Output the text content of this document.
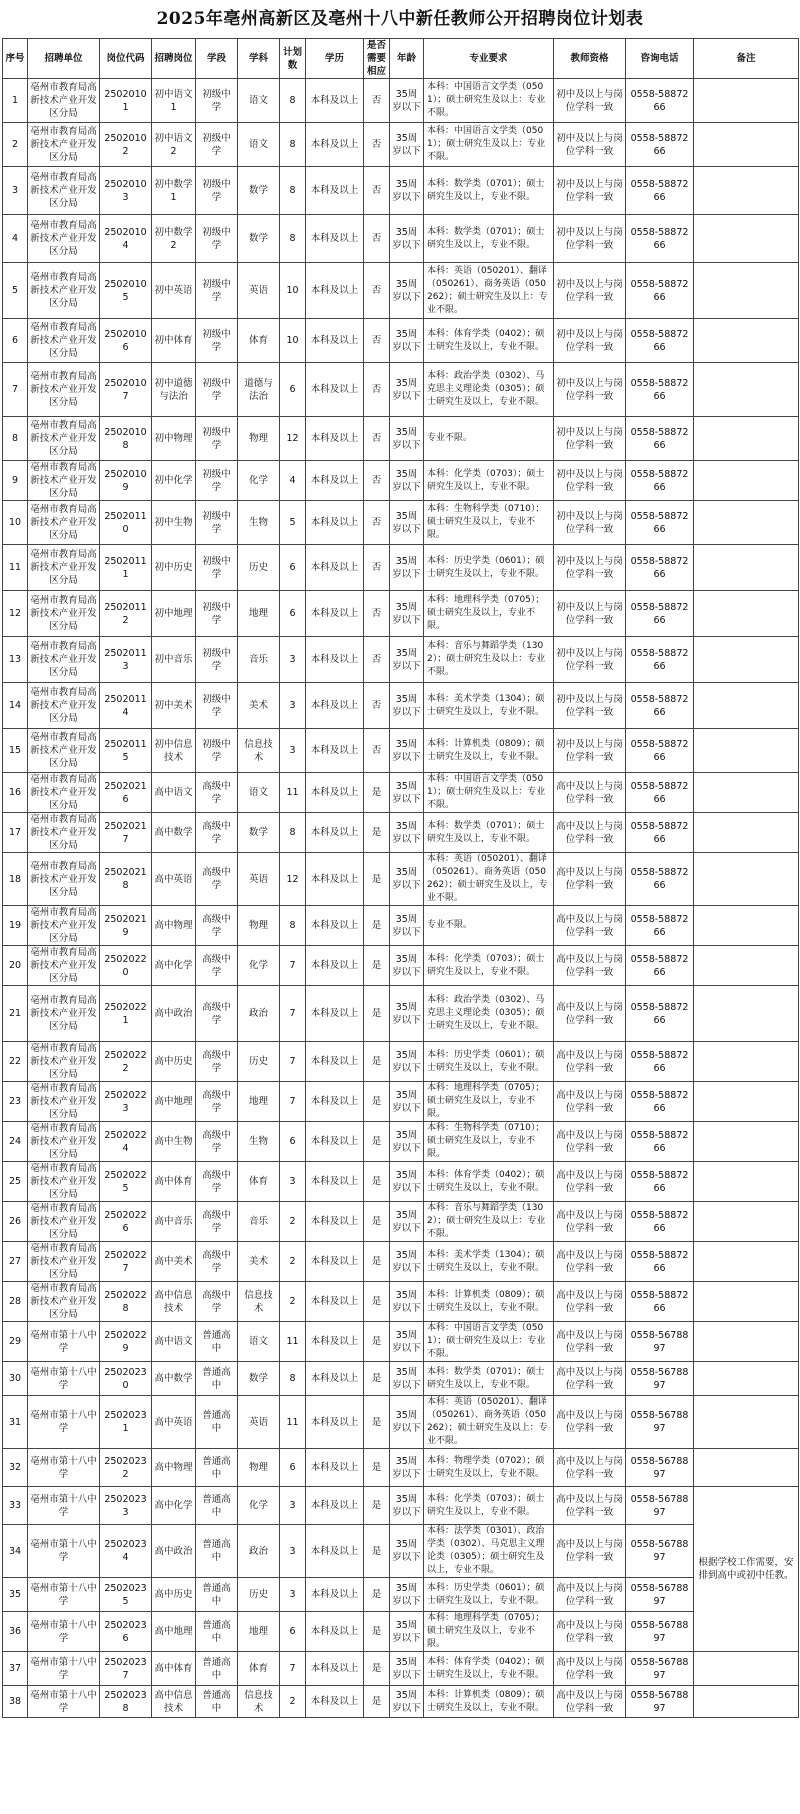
2025年亳州高新区及亳州十八中新任教师公开招聘岗位计划表
序号	招聘单位	岗位代码	招聘岗位	学段	学科	计划数	学历	是否需要相应	年龄	专业要求	教师资格	咨询电话	备注
1	亳州市教育局高新技术产业开发区分局	25020101	初中语文1	初级中学	语文	8	本科及以上	否	35周岁以下	本科：中国语言文学类（0501）；硕士研究生及以上：专业不限。	初中及以上与岗位学科一致	0558-5887266	
2	亳州市教育局高新技术产业开发区分局	25020102	初中语文2	初级中学	语文	8	本科及以上	否	35周岁以下	本科：中国语言文学类（0501）；硕士研究生及以上：专业不限。	初中及以上与岗位学科一致	0558-5887266	
3	亳州市教育局高新技术产业开发区分局	25020103	初中数学1	初级中学	数学	8	本科及以上	否	35周岁以下	本科：数学类（0701）；硕士研究生及以上，专业不限。	初中及以上与岗位学科一致	0558-5887266	
4	亳州市教育局高新技术产业开发区分局	25020104	初中数学2	初级中学	数学	8	本科及以上	否	35周岁以下	本科：数学类（0701）；硕士研究生及以上，专业不限。	初中及以上与岗位学科一致	0558-5887266	
5	亳州市教育局高新技术产业开发区分局	25020105	初中英语	初级中学	英语	10	本科及以上	否	35周岁以下	本科：英语（050201）、翻译（050261）、商务英语（050262）；硕士研究生及以上：专业不限。	初中及以上与岗位学科一致	0558-5887266	
6	亳州市教育局高新技术产业开发区分局	25020106	初中体育	初级中学	体育	10	本科及以上	否	35周岁以下	本科：体育学类（0402）；硕士研究生及以上，专业不限。	初中及以上与岗位学科一致	0558-5887266	
7	亳州市教育局高新技术产业开发区分局	25020107	初中道德与法治	初级中学	道德与法治	6	本科及以上	否	35周岁以下	本科：政治学类（0302）、马克思主义理论类（0305）；硕士研究生及以上，专业不限。	初中及以上与岗位学科一致	0558-5887266	
8	亳州市教育局高新技术产业开发区分局	25020108	初中物理	初级中学	物理	12	本科及以上	否	35周岁以下	专业不限。	初中及以上与岗位学科一致	0558-5887266	
9	亳州市教育局高新技术产业开发区分局	25020109	初中化学	初级中学	化学	4	本科及以上	否	35周岁以下	本科：化学类（0703）；硕士研究生及以上，专业不限。	初中及以上与岗位学科一致	0558-5887266	
10	亳州市教育局高新技术产业开发区分局	25020110	初中生物	初级中学	生物	5	本科及以上	否	35周岁以下	本科：生物科学类（0710）；硕士研究生及以上，专业不限。	初中及以上与岗位学科一致	0558-5887266	
11	亳州市教育局高新技术产业开发区分局	25020111	初中历史	初级中学	历史	6	本科及以上	否	35周岁以下	本科：历史学类（0601）；硕士研究生及以上，专业不限。	初中及以上与岗位学科一致	0558-5887266	
12	亳州市教育局高新技术产业开发区分局	25020112	初中地理	初级中学	地理	6	本科及以上	否	35周岁以下	本科：地理科学类（0705）；硕士研究生及以上，专业不限。	初中及以上与岗位学科一致	0558-5887266	
13	亳州市教育局高新技术产业开发区分局	25020113	初中音乐	初级中学	音乐	3	本科及以上	否	35周岁以下	本科：音乐与舞蹈学类（1302）；硕士研究生及以上：专业不限。	初中及以上与岗位学科一致	0558-5887266	
14	亳州市教育局高新技术产业开发区分局	25020114	初中美术	初级中学	美术	3	本科及以上	否	35周岁以下	本科：美术学类（1304）；硕士研究生及以上，专业不限。	初中及以上与岗位学科一致	0558-5887266	
15	亳州市教育局高新技术产业开发区分局	25020115	初中信息技术	初级中学	信息技术	3	本科及以上	否	35周岁以下	本科：计算机类（0809）；硕士研究生及以上，专业不限。	初中及以上与岗位学科一致	0558-5887266	
16	亳州市教育局高新技术产业开发区分局	25020216	高中语文	高级中学	语文	11	本科及以上	是	35周岁以下	本科：中国语言文学类（0501）；硕士研究生及以上：专业不限。	高中及以上与岗位学科一致	0558-5887266	
17	亳州市教育局高新技术产业开发区分局	25020217	高中数学	高级中学	数学	8	本科及以上	是	35周岁以下	本科：数学类（0701）；硕士研究生及以上，专业不限。	高中及以上与岗位学科一致	0558-5887266	
18	亳州市教育局高新技术产业开发区分局	25020218	高中英语	高级中学	英语	12	本科及以上	是	35周岁以下	本科：英语（050201）、翻译（050261）、商务英语（050262）；硕士研究生及以上，专业不限。	高中及以上与岗位学科一致	0558-5887266	
19	亳州市教育局高新技术产业开发区分局	25020219	高中物理	高级中学	物理	8	本科及以上	是	35周岁以下	专业不限。	高中及以上与岗位学科一致	0558-5887266	
20	亳州市教育局高新技术产业开发区分局	25020220	高中化学	高级中学	化学	7	本科及以上	是	35周岁以下	本科：化学类（0703）；硕士研究生及以上，专业不限。	高中及以上与岗位学科一致	0558-5887266	
21	亳州市教育局高新技术产业开发区分局	25020221	高中政治	高级中学	政治	7	本科及以上	是	35周岁以下	本科：政治学类（0302）、马克思主义理论类（0305）；硕士研究生及以上，专业不限。	高中及以上与岗位学科一致	0558-5887266	
22	亳州市教育局高新技术产业开发区分局	25020222	高中历史	高级中学	历史	7	本科及以上	是	35周岁以下	本科：历史学类（0601）；硕士研究生及以上，专业不限。	高中及以上与岗位学科一致	0558-5887266	
23	亳州市教育局高新技术产业开发区分局	25020223	高中地理	高级中学	地理	7	本科及以上	是	35周岁以下	本科：地理科学类（0705）；硕士研究生及以上，专业不限。	高中及以上与岗位学科一致	0558-5887266	
24	亳州市教育局高新技术产业开发区分局	25020224	高中生物	高级中学	生物	6	本科及以上	是	35周岁以下	本科：生物科学类（0710）；硕士研究生及以上，专业不限。	高中及以上与岗位学科一致	0558-5887266	
25	亳州市教育局高新技术产业开发区分局	25020225	高中体育	高级中学	体育	3	本科及以上	是	35周岁以下	本科：体育学类（0402）；硕士研究生及以上，专业不限。	高中及以上与岗位学科一致	0558-5887266	
26	亳州市教育局高新技术产业开发区分局	25020226	高中音乐	高级中学	音乐	2	本科及以上	是	35周岁以下	本科：音乐与舞蹈学类（1302）；硕士研究生及以上：专业不限。	高中及以上与岗位学科一致	0558-5887266	
27	亳州市教育局高新技术产业开发区分局	25020227	高中美术	高级中学	美术	2	本科及以上	是	35周岁以下	本科：美术学类（1304）；硕士研究生及以上，专业不限。	高中及以上与岗位学科一致	0558-5887266	
28	亳州市教育局高新技术产业开发区分局	25020228	高中信息技术	高级中学	信息技术	2	本科及以上	是	35周岁以下	本科：计算机类（0809）；硕士研究生及以上，专业不限。	高中及以上与岗位学科一致	0558-5887266	
29	亳州市第十八中学	25020229	高中语文	普通高中	语文	11	本科及以上	是	35周岁以下	本科：中国语言文学类（0501）；硕士研究生及以上：专业不限。	高中及以上与岗位学科一致	0558-5678897	
30	亳州市第十八中学	25020230	高中数学	普通高中	数学	8	本科及以上	是	35周岁以下	本科：数学类（0701）；硕士研究生及以上，专业不限。	高中及以上与岗位学科一致	0558-5678897	
31	亳州市第十八中学	25020231	高中英语	普通高中	英语	11	本科及以上	是	35周岁以下	本科：英语（050201）、翻译（050261）、商务英语（050262）；硕士研究生及以上：专业不限。	高中及以上与岗位学科一致	0558-5678897	
32	亳州市第十八中学	25020232	高中物理	普通高中	物理	6	本科及以上	是	35周岁以下	本科：物理学类（0702）；硕士研究生及以上，专业不限。	高中及以上与岗位学科一致	0558-5678897	
33	亳州市第十八中学	25020233	高中化学	普通高中	化学	3	本科及以上	是	35周岁以下	本科：化学类（0703）；硕士研究生及以上，专业不限。	高中及以上与岗位学科一致	0558-5678897	根据学校工作需要，安排到高中或初中任教。
34	亳州市第十八中学	25020234	高中政治	普通高中	政治	3	本科及以上	是	35周岁以下	本科：法学类（0301）、政治学类（0302）、马克思主义理论类（0305）；硕士研究生及以上，专业不限。	高中及以上与岗位学科一致	0558-5678897	
35	亳州市第十八中学	25020235	高中历史	普通高中	历史	3	本科及以上	是	35周岁以下	本科：历史学类（0601）；硕士研究生及以上，专业不限。	高中及以上与岗位学科一致	0558-5678897	
36	亳州市第十八中学	25020236	高中地理	普通高中	地理	6	本科及以上	是	35周岁以下	本科：地理科学类（0705）；硕士研究生及以上，专业不限。	高中及以上与岗位学科一致	0558-5678897	
37	亳州市第十八中学	25020237	高中体育	普通高中	体育	7	本科及以上	是	35周岁以下	本科：体育学类（0402）；硕士研究生及以上，专业不限。	高中及以上与岗位学科一致	0558-5678897	
38	亳州市第十八中学	25020238	高中信息技术	普通高中	信息技术	2	本科及以上	是	35周岁以下	本科：计算机类（0809）；硕士研究生及以上，专业不限。	高中及以上与岗位学科一致	0558-5678897	
